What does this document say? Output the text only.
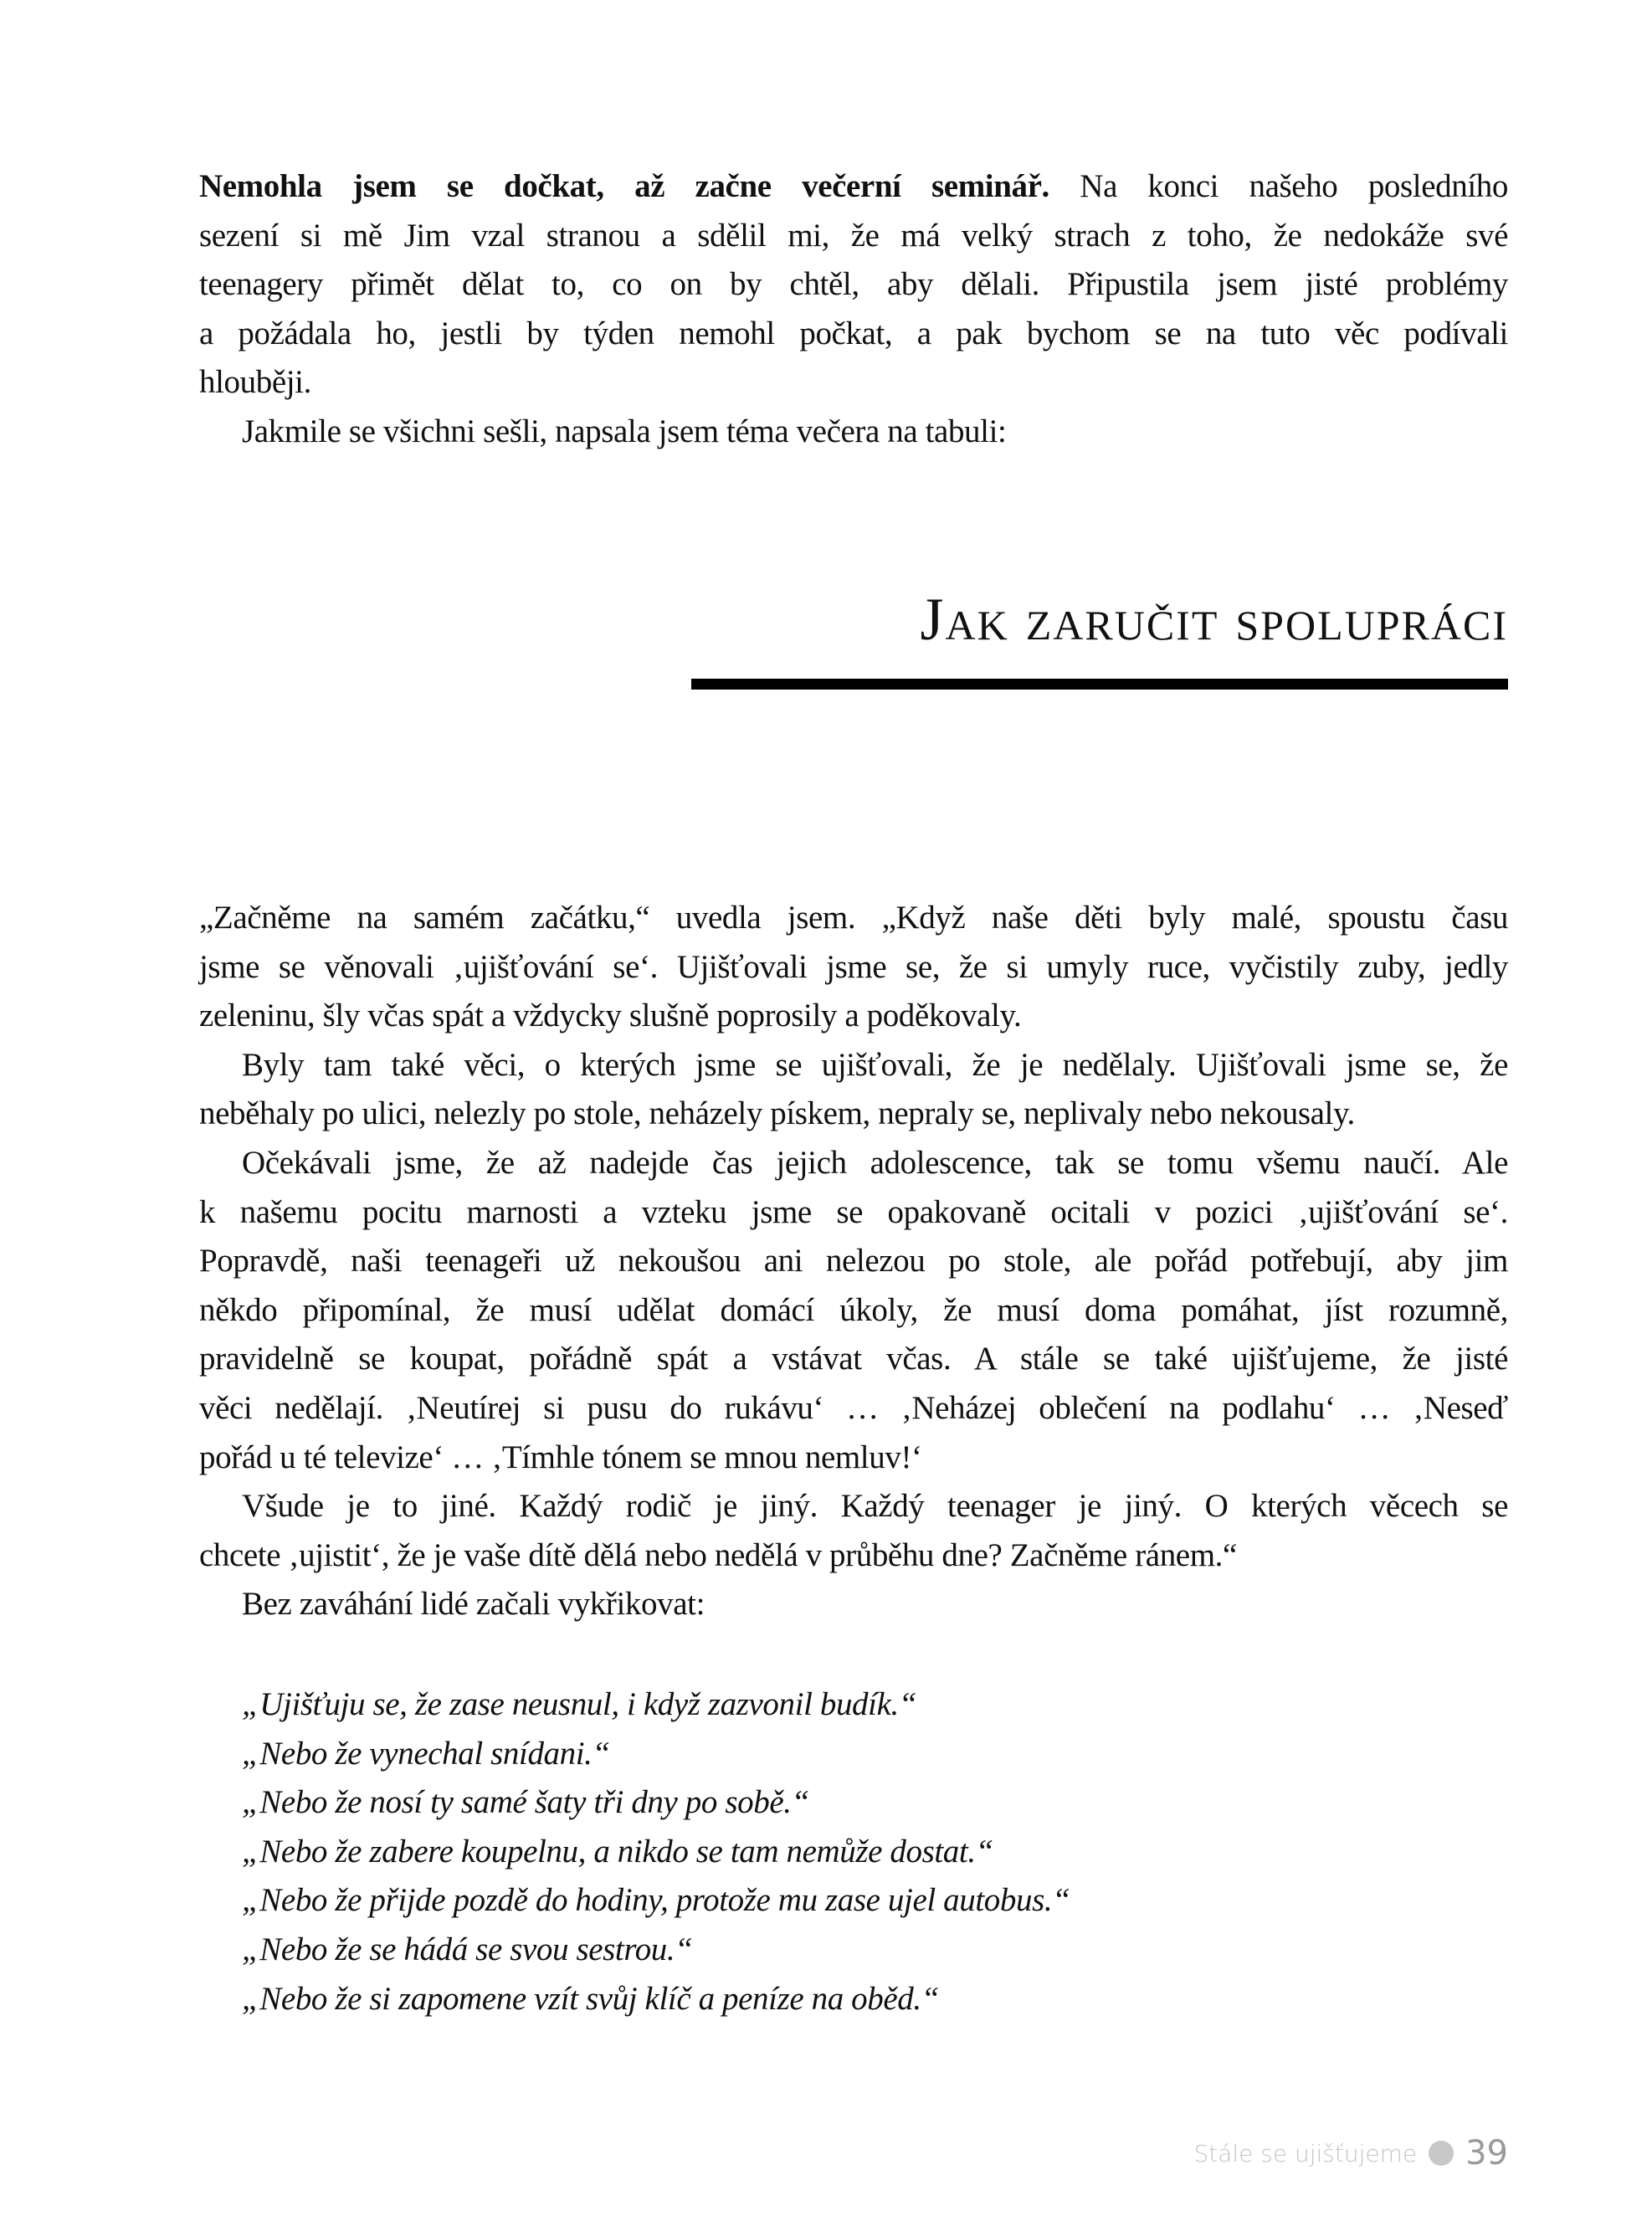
Nemohla jsem se dočkat, až začne večerní seminář. Na konci našeho posledního
sezení si mě Jim vzal stranou a sdělil mi, že má velký strach z toho, že nedokáže své
teenagery přimět dělat to, co on by chtěl, aby dělali. Připustila jsem jisté problémy
a požádala ho, jestli by týden nemohl počkat, a pak bychom se na tuto věc podívali
hlouběji.
Jakmile se všichni sešli, napsala jsem téma večera na tabuli:
Jak zaručit spolupráci
„Začněme na samém začátku,“ uvedla jsem. „Když naše děti byly malé, spoustu času
jsme se věnovali ‚ujišťování se‘. Ujišťovali jsme se, že si umyly ruce, vyčistily zuby, jedly
zeleninu, šly včas spát a vždycky slušně poprosily a poděkovaly.
Byly tam také věci, o kterých jsme se ujišťovali, že je nedělaly. Ujišťovali jsme se, že
neběhaly po ulici, nelezly po stole, neházely pískem, nepraly se, neplivaly nebo nekousaly.
Očekávali jsme, že až nadejde čas jejich adolescence, tak se tomu všemu naučí. Ale
k našemu pocitu marnosti a vzteku jsme se opakovaně ocitali v pozici ‚ujišťování se‘.
Popravdě, naši teenageři už nekoušou ani nelezou po stole, ale pořád potřebují, aby jim
někdo připomínal, že musí udělat domácí úkoly, že musí doma pomáhat, jíst rozumně,
pravidelně se koupat, pořádně spát a vstávat včas. A stále se také ujišťujeme, že jisté
věci nedělají. ‚Neutírej si pusu do rukávu‘ … ‚Neházej oblečení na podlahu‘ … ‚Neseď
pořád u té televize‘ … ‚Tímhle tónem se mnou nemluv!‘
Všude je to jiné. Každý rodič je jiný. Každý teenager je jiný. O kterých věcech se
chcete ‚ujistit‘, že je vaše dítě dělá nebo nedělá v průběhu dne? Začněme ránem.“
Bez zaváhání lidé začali vykřikovat:
„Ujišťuju se, že zase neusnul, i když zazvonil budík.“
„Nebo že vynechal snídani.“
„Nebo že nosí ty samé šaty tři dny po sobě.“
„Nebo že zabere koupelnu, a nikdo se tam nemůže dostat.“
„Nebo že přijde pozdě do hodiny, protože mu zase ujel autobus.“
„Nebo že se hádá se svou sestrou.“
„Nebo že si zapomene vzít svůj klíč a peníze na oběd.“
Stále se ujišťujeme 39
